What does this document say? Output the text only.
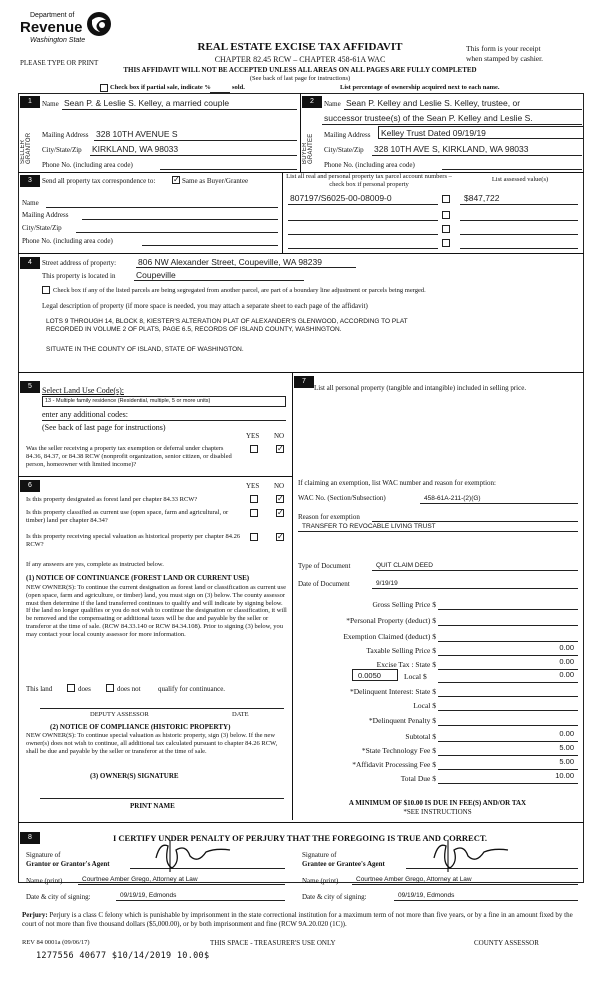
Department of
Revenue
Washington State
PLEASE TYPE OR PRINT
REAL ESTATE EXCISE TAX AFFIDAVIT
CHAPTER 82.45 RCW – CHAPTER 458-61A WAC
THIS AFFIDAVIT WILL NOT BE ACCEPTED UNLESS ALL AREAS ON ALL PAGES ARE FULLY COMPLETED
(See back of last page for instructions)
Check box if partial sale, indicate %	sold.	List percentage of ownership acquired next to each name.
This form is your receipt
when stamped by cashier.
1
SELLER GRANTOR
Name Sean P. & Leslie S. Kelley, a married couple
Mailing Address 328 10TH AVENUE S
City/State/Zip KIRKLAND, WA 98033
Phone No. (including area code)
2
BUYER GRANTEE
Name Sean P. Kelley and Leslie S. Kelley, trustee, or
successor trustee(s) of the Sean P. Kelley and Leslie S.
Mailing Address Kelley Trust Dated 09/19/19
City/State/Zip 328 10TH AVE S, KIRKLAND, WA 98033
Phone No. (including area code)
3	Send all property tax correspondence to: ✓ Same as Buyer/Grantee
Name
Mailing Address
City/State/Zip
Phone No. (including area code)
List all real and personal property tax parcel account numbers – check box if personal property
List assessed value(s)
807197/S6025-00-08009-0	$847,722
4	Street address of property:	806 NW Alexander Street, Coupeville, WA 98239
This property is located in Coupeville
Check box if any of the listed parcels are being segregated from another parcel, are part of a boundary line adjustment or parcels being merged.
Legal description of property (if more space is needed, you may attach a separate sheet to each page of the affidavit)
LOTS 9 THROUGH 14, BLOCK 8, KIESTER'S ALTERATION PLAT OF ALEXANDER'S GLENWOOD, ACCORDING TO PLAT
RECORDED IN VOLUME 2 OF PLATS, PAGE 6.5, RECORDS OF ISLAND COUNTY, WASHINGTON.
SITUATE IN THE COUNTY OF ISLAND, STATE OF WASHINGTON.
5	Select Land Use Code(s):
13 - Multiple family residence (Residential, multiple, 5 or more units)
enter any additional codes:
(See back of last page for instructions)
YES NO
Was the seller receiving a property tax exemption or deferral under chapters 84.36, 84.37, or 84.38 RCW (nonprofit organization, senior citizen, or disabled person, homeowner with limited income)?
✓
6	YES NO
Is this property designated as forest land per chapter 84.33 RCW?	✓
Is this property classified as current use (open space, farm and agricultural, or timber) land per chapter 84.34?
✓
Is this property receiving special valuation as historical property per chapter 84.26 RCW?
✓
If any answers are yes, complete as instructed below.
(1) NOTICE OF CONTINUANCE (FOREST LAND OR CURRENT USE)
NEW OWNER(S): To continue the current designation as forest land or classification as current use (open space, farm and agriculture, or timber) land, you must sign on (3) below. The county assessor must then determine if the land transferred continues to qualify and will indicate by signing below. If the land no longer qualifies or you do not wish to continue the designation or classification, it will be removed and the compensating or additional taxes will be due and payable by the seller or transferor at the time of sale. (RCW 84.33.140 or RCW 84.34.108). Prior to signing (3) below, you may contact your local county assessor for more information.
This land	does	does not qualify for continuance.
DEPUTY ASSESSOR	DATE
(2) NOTICE OF COMPLIANCE (HISTORIC PROPERTY)
NEW OWNER(S): To continue special valuation as historic property, sign (3) below. If the new owner(s) does not wish to continue, all additional tax calculated pursuant to chapter 84.26 RCW, shall be due and payable by the seller or transferor at the time of sale.
(3) OWNER(S) SIGNATURE
PRINT NAME
7
List all personal property (tangible and intangible) included in selling price.
If claiming an exemption, list WAC number and reason for exemption:
WAC No. (Section/Subsection)	458-61A-211-(2)(G)
Reason for exemption
TRANSFER TO REVOCABLE LIVING TRUST
Type of Document	QUIT CLAIM DEED
Date of Document	9/19/19
Gross Selling Price $
*Personal Property (deduct) $
Exemption Claimed (deduct) $
Taxable Selling Price $	0.00
Excise Tax : State $	0.00
0.0050	Local $	0.00
*Delinquent Interest: State $
Local $
*Delinquent Penalty $
Subtotal $	0.00
*State Technology Fee $	5.00
*Affidavit Processing Fee $	5.00
Total Due $	10.00
A MINIMUM OF $10.00 IS DUE IN FEE(S) AND/OR TAX
*SEE INSTRUCTIONS
8	I CERTIFY UNDER PENALTY OF PERJURY THAT THE FOREGOING IS TRUE AND CORRECT.
Signature of
Grantor or Grantor's Agent
Name (print)	Courtnee Amber Grego, Attorney at Law
Date & city of signing:	09/19/19, Edmonds
Signature of
Grantee or Grantee's Agent
Name (print)	Courtnee Amber Grego, Attorney at Law
Date & city of signing:	09/19/19, Edmonds
Perjury: Perjury is a class C felony which is punishable by imprisonment in the state correctional institution for a maximum term of not more than five years, or by a fine in an amount fixed by the court of not more than five thousand dollars ($5,000.00), or by both imprisonment and fine (RCW 9A.20.020 (1C)).
REV 84 0001a (09/06/17)	THIS SPACE - TREASURER'S USE ONLY	COUNTY ASSESSOR
1277556 40677 $10/14/2019 10.00$
